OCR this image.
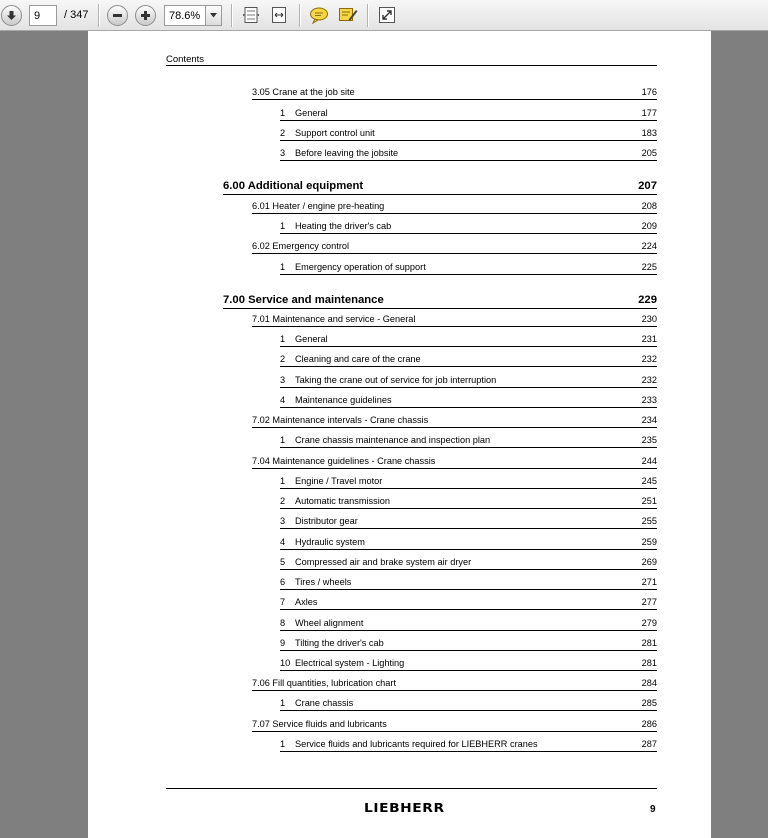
9 / 347	78.6%
Contents
3.05 Crane at the job site	176
1 General	177
2 Support control unit	183
3 Before leaving the jobsite	205
6.00 Additional equipment	207
6.01 Heater / engine pre-heating	208
1 Heating the driver's cab	209
6.02 Emergency control	224
1 Emergency operation of support	225
7.00 Service and maintenance	229
7.01 Maintenance and service - General	230
1 General	231
2 Cleaning and care of the crane	232
3 Taking the crane out of service for job interruption	232
4 Maintenance guidelines	233
7.02 Maintenance intervals - Crane chassis	234
1 Crane chassis maintenance and inspection plan	235
7.04 Maintenance guidelines - Crane chassis	244
1 Engine / Travel motor	245
2 Automatic transmission	251
3 Distributor gear	255
4 Hydraulic system	259
5 Compressed air and brake system air dryer	269
6 Tires / wheels	271
7 Axles	277
8 Wheel alignment	279
9 Tilting the driver's cab	281
10 Electrical system - Lighting	281
7.06 Fill quantities, lubrication chart	284
1 Crane chassis	285
7.07 Service fluids and lubricants	286
1 Service fluids and lubricants required for LIEBHERR cranes	287
LIEBHERR	9
